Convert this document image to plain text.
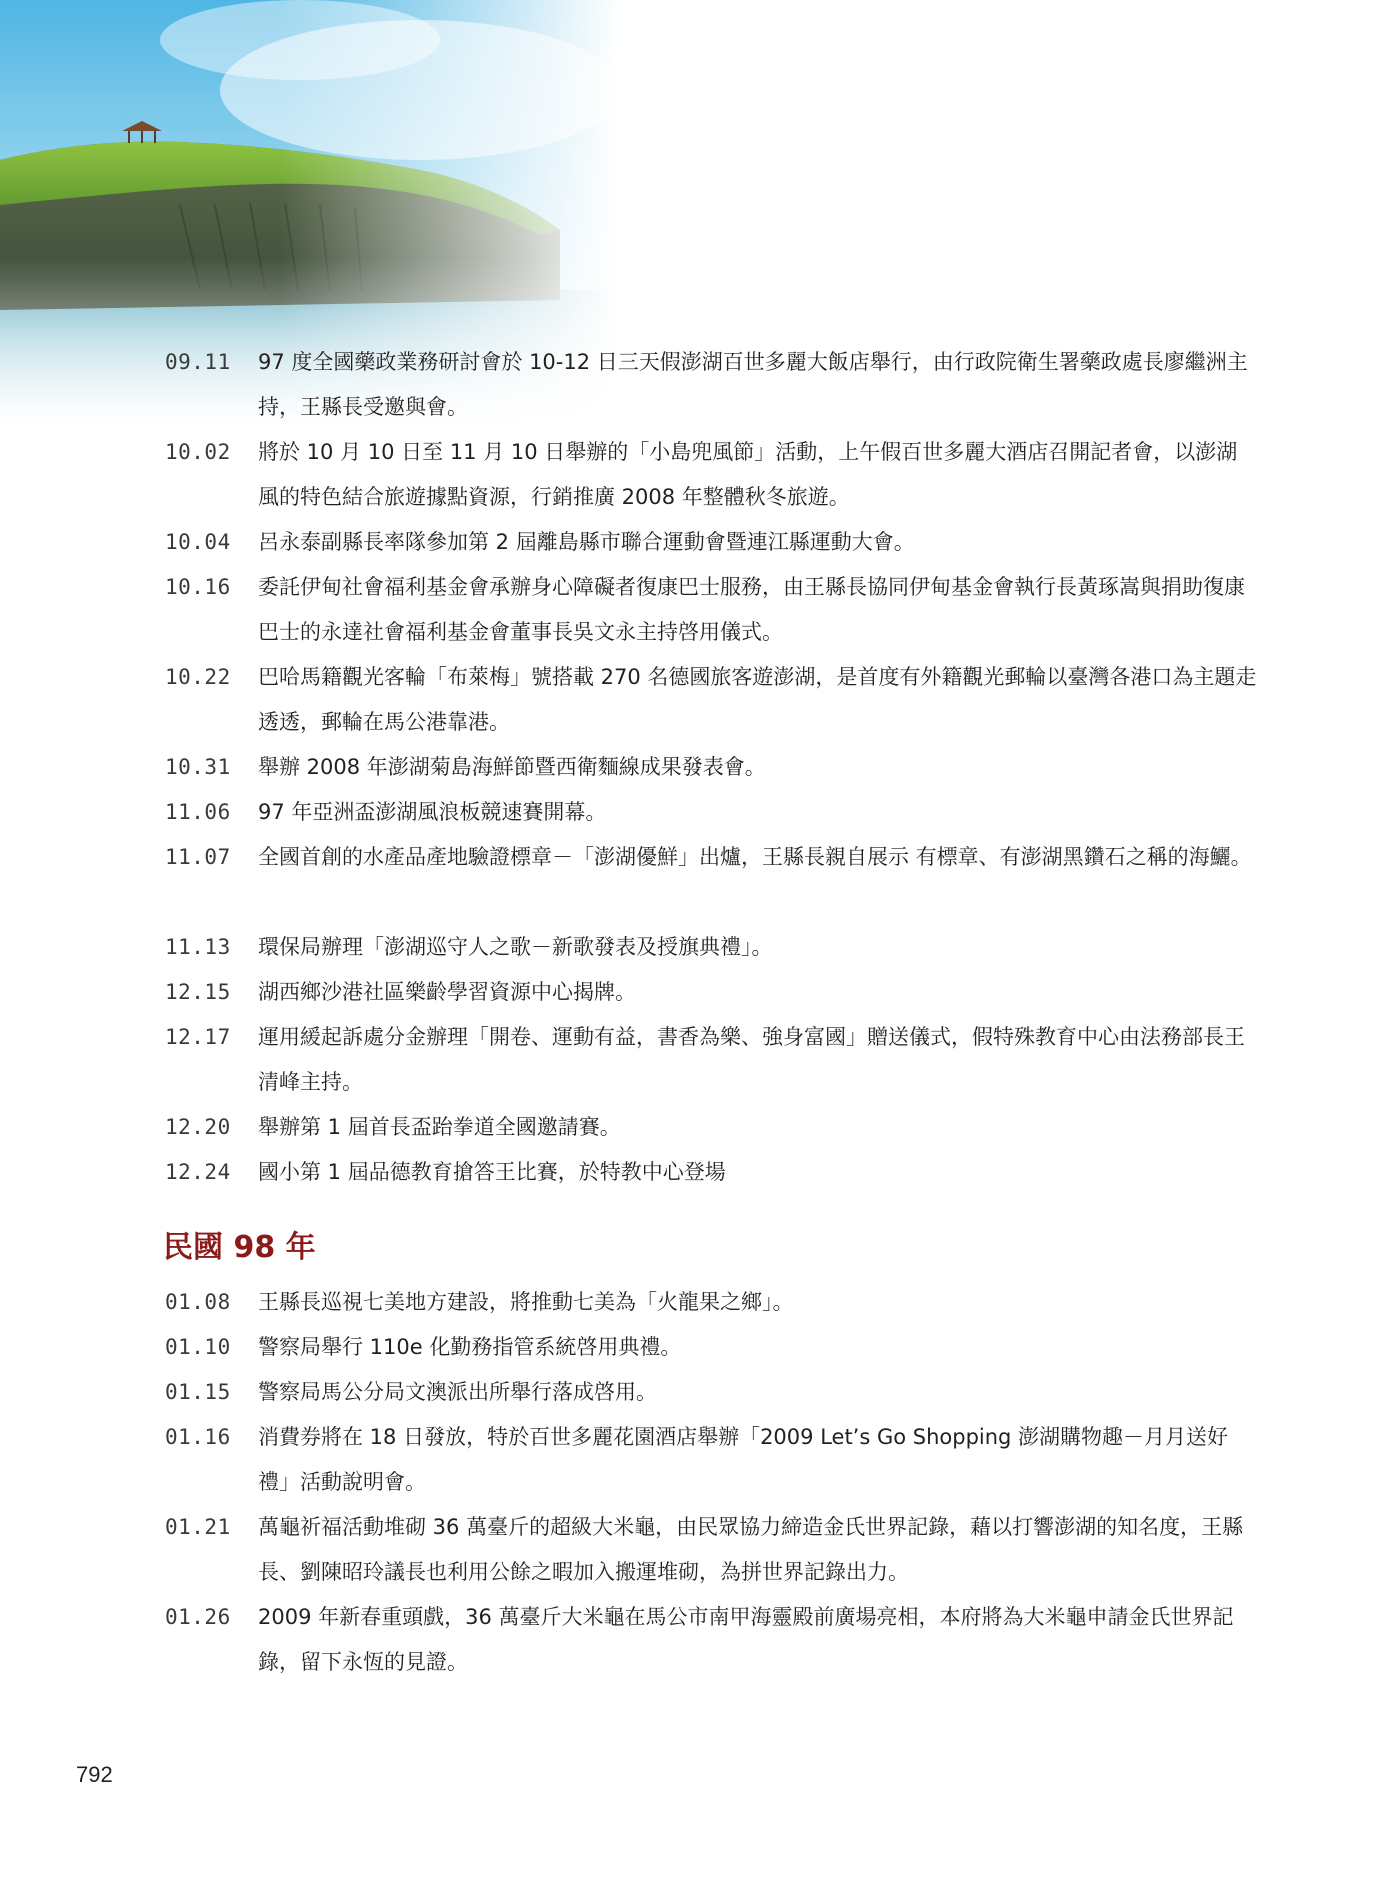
09.11 97 度全國藥政業務研討會於 10-12 日三天假澎湖百世多麗大飯店舉行，由行政院衛生署藥政處長廖繼洲主持，王縣長受邀與會。
10.02 將於 10 月 10 日至 11 月 10 日舉辦的「小島兜風節」活動，上午假百世多麗大酒店召開記者會，以澎湖風的特色結合旅遊據點資源，行銷推廣 2008 年整體秋冬旅遊。
10.04 呂永泰副縣長率隊參加第 2 屆離島縣市聯合運動會暨連江縣運動大會。
10.16 委託伊甸社會福利基金會承辦身心障礙者復康巴士服務，由王縣長協同伊甸基金會執行長黃琢嵩與捐助復康巴士的永達社會福利基金會董事長吳文永主持啓用儀式。
10.22 巴哈馬籍觀光客輪「布萊梅」號搭載 270 名德國旅客遊澎湖，是首度有外籍觀光郵輪以臺灣各港口為主題走透透，郵輪在馬公港靠港。
10.31 舉辦 2008 年澎湖菊島海鮮節暨西衛麵線成果發表會。
11.06 97 年亞洲盃澎湖風浪板競速賽開幕。
11.07 全國首創的水產品產地驗證標章－「澎湖優鮮」出爐，王縣長親自展示 有標章、有澎湖黑鑽石之稱的海鱺。
11.13 環保局辦理「澎湖巡守人之歌－新歌發表及授旗典禮」。
12.15 湖西鄉沙港社區樂齡學習資源中心揭牌。
12.17 運用緩起訴處分金辦理「開卷、運動有益，書香為樂、強身富國」贈送儀式，假特殊教育中心由法務部長王清峰主持。
12.20 舉辦第 1 屆首長盃跆拳道全國邀請賽。
12.24 國小第 1 屆品德教育搶答王比賽，於特教中心登場
民國 98 年
01.08 王縣長巡視七美地方建設，將推動七美為「火龍果之鄉」。
01.10 警察局舉行 110e 化勤務指管系統啓用典禮。
01.15 警察局馬公分局文澳派出所舉行落成啓用。
01.16 消費券將在 18 日發放，特於百世多麗花園酒店舉辦「2009 Let’s Go Shopping 澎湖購物趣－月月送好禮」活動說明會。
01.21 萬龜祈福活動堆砌 36 萬臺斤的超級大米龜，由民眾協力締造金氏世界記錄，藉以打響澎湖的知名度，王縣長、劉陳昭玲議長也利用公餘之暇加入搬運堆砌，為拼世界記錄出力。
01.26 2009 年新春重頭戲，36 萬臺斤大米龜在馬公市南甲海靈殿前廣場亮相，本府將為大米龜申請金氏世界記錄，留下永恆的見證。
792
